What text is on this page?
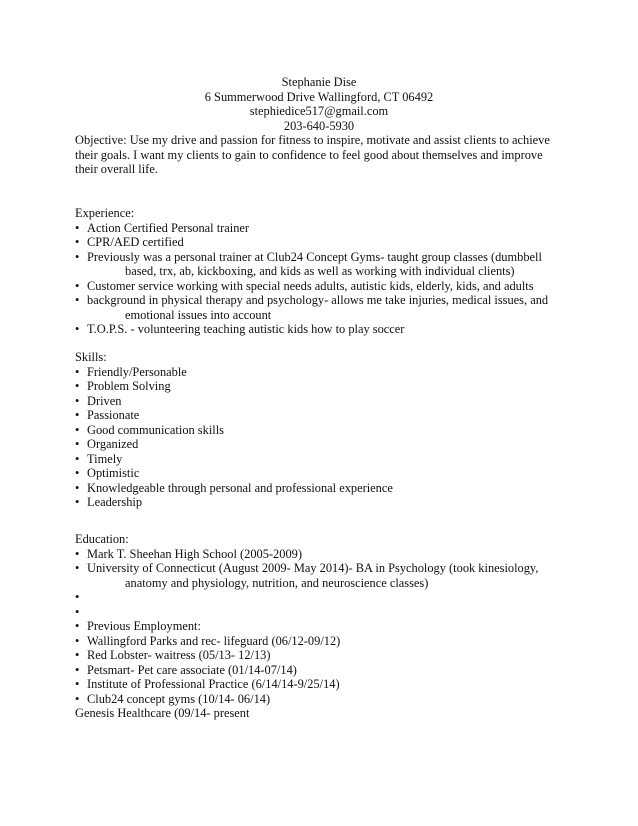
Stephanie Dise
6 Summerwood Drive Wallingford, CT 06492
stephiedice517@gmail.com
203-640-5930
Objective: Use my drive and passion for fitness to inspire, motivate and assist clients to achieve
their goals. I want my clients to gain to confidence to feel good about themselves and improve
their overall life.
Experience:
• Action Certified Personal trainer
• CPR/AED certified
• Previously was a personal trainer at Club24 Concept Gyms- taught group classes (dumbbell
based, trx, ab, kickboxing, and kids as well as working with individual clients)
• Customer service working with special needs adults, autistic kids, elderly, kids, and adults
• background in physical therapy and psychology- allows me take injuries, medical issues, and
emotional issues into account
• T.O.P.S. - volunteering teaching autistic kids how to play soccer
Skills:
• Friendly/Personable
• Problem Solving
• Driven
• Passionate
• Good communication skills
• Organized
• Timely
• Optimistic
• Knowledgeable through personal and professional experience
• Leadership
Education:
• Mark T. Sheehan High School (2005-2009)
• University of Connecticut (August 2009- May 2014)- BA in Psychology (took kinesiology,
anatomy and physiology, nutrition, and neuroscience classes)
•
•
• Previous Employment:
• Wallingford Parks and rec- lifeguard (06/12-09/12)
• Red Lobster- waitress (05/13- 12/13)
• Petsmart- Pet care associate (01/14-07/14)
• Institute of Professional Practice (6/14/14-9/25/14)
• Club24 concept gyms (10/14- 06/14)
Genesis Healthcare (09/14- present
